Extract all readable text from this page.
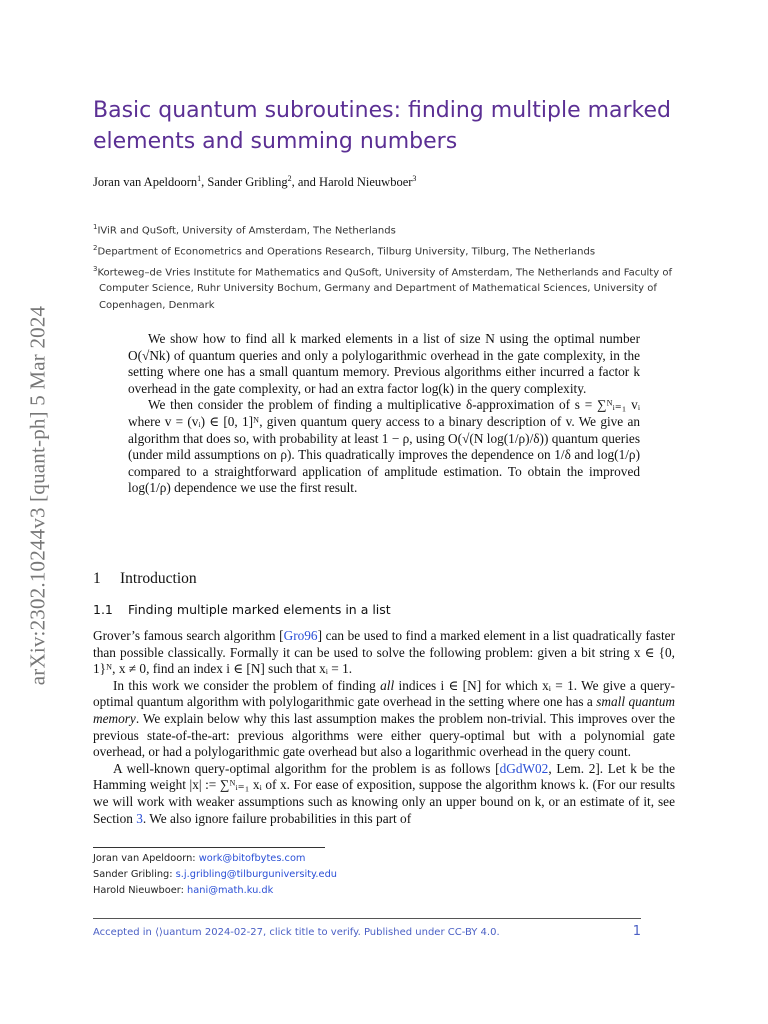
arXiv:2302.10244v3 [quant-ph] 5 Mar 2024
Basic quantum subroutines: finding multiple marked elements and summing numbers
Joran van Apeldoorn$^1$, Sander Gribling$^2$, and Harold Nieuwboer$^3$
$^1$IViR and QuSoft, University of Amsterdam, The Netherlands
$^2$Department of Econometrics and Operations Research, Tilburg University, Tilburg, The Netherlands
$^3$Korteweg–de Vries Institute for Mathematics and QuSoft, University of Amsterdam, The Netherlands and Faculty of Computer Science, Ruhr University Bochum, Germany and Department of Mathematical Sciences, University of Copenhagen, Denmark

We show how to find all k marked elements in a list of size N using the optimal number O(√Nk) of quantum queries and only a polylogarithmic overhead in the gate complexity, in the setting where one has a small quantum memory. Previous algorithms either incurred a factor k overhead in the gate complexity, or had an extra factor log(k) in the query complexity.

We then consider the problem of finding a multiplicative δ-approximation of s = ∑ᴺᵢ₌₁ vᵢ where v = (vᵢ) ∈ [0, 1]ᴺ, given quantum query access to a binary description of v. We give an algorithm that does so, with probability at least 1 − ρ, using O(√(N log(1/ρ)/δ)) quantum queries (under mild assumptions on ρ). This quadratically improves the dependence on 1/δ and log(1/ρ) compared to a straightforward application of amplitude estimation. To obtain the improved log(1/ρ) dependence we use the first result.

1 Introduction
1.1 Finding multiple marked elements in a list

Grover’s famous search algorithm [Gro96] can be used to find a marked element in a list quadratically faster than possible classically. Formally it can be used to solve the following problem: given a bit string x ∈ {0, 1}ᴺ, x ≠ 0, find an index i ∈ [N] such that xᵢ = 1.

In this work we consider the problem of finding all indices i ∈ [N] for which xᵢ = 1. We give a query-optimal quantum algorithm with polylogarithmic gate overhead in the setting where one has a small quantum memory. We explain below why this last assumption makes the problem non-trivial. This improves over the previous state-of-the-art: previous algorithms were either query-optimal but with a polynomial gate overhead, or had a polylogarithmic gate overhead but also a logarithmic overhead in the query count.

A well-known query-optimal algorithm for the problem is as follows [dGdW02, Lem. 2]. Let k be the Hamming weight |x| := ∑ᴺᵢ₌₁ xᵢ of x. For ease of exposition, suppose the algorithm knows k. (For our results we will work with weaker assumptions such as knowing only an upper bound on k, or an estimate of it, see Section 3. We also ignore failure probabilities in this part of

Joran van Apeldoorn: work@bitofbytes.com
Sander Gribling: s.j.gribling@tilburguniversity.edu
Harold Nieuwboer: hani@math.ku.dk
Accepted in ⟨⟩uantum 2024-02-27, click title to verify. Published under CC-BY 4.0.	1
